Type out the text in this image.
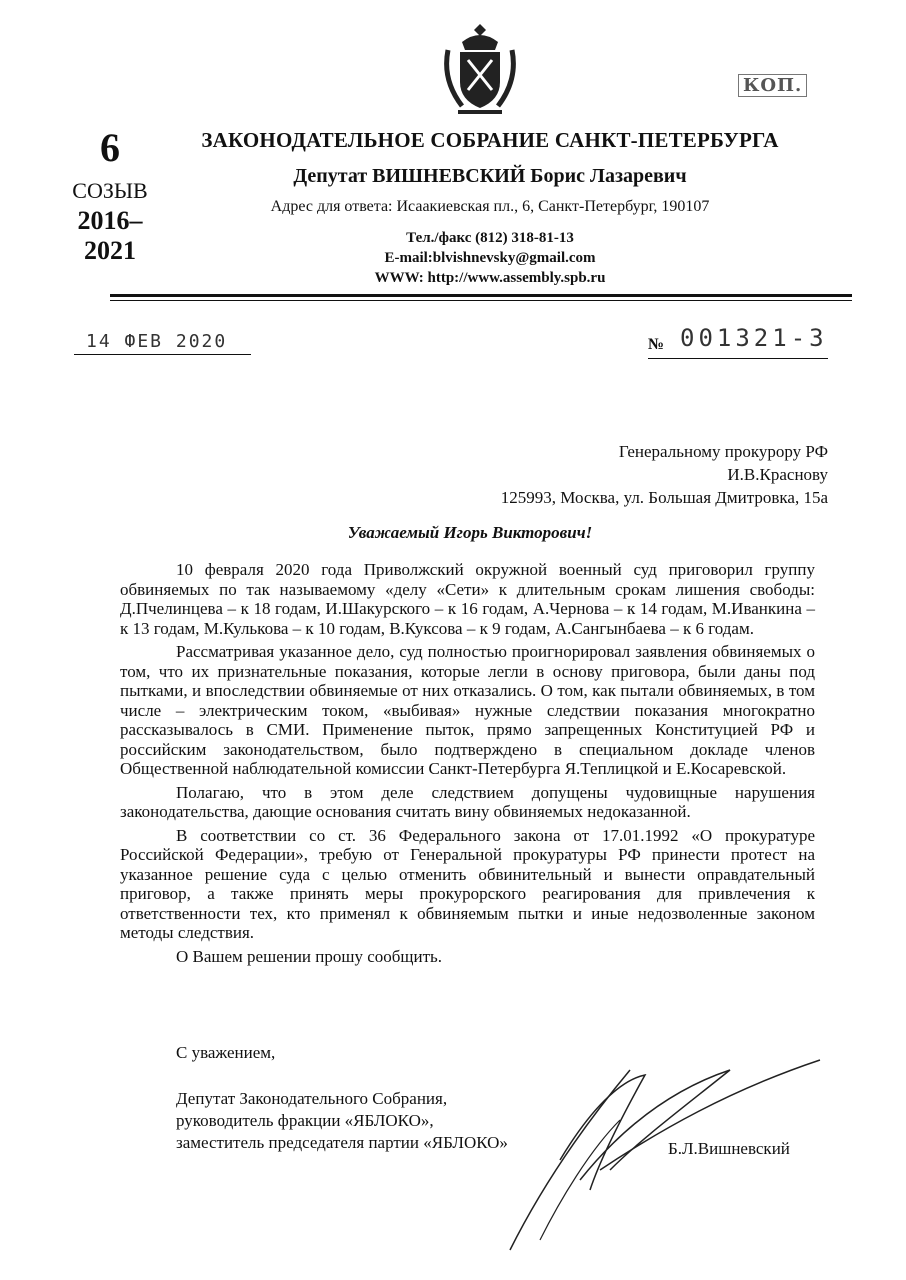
КОП.
6
СОЗЫВ
2016–
2021
ЗАКОНОДАТЕЛЬНОЕ СОБРАНИЕ САНКТ-ПЕТЕРБУРГА
Депутат ВИШНЕВСКИЙ Борис Лазаревич
Адрес для ответа: Исаакиевская пл., 6, Санкт-Петербург, 190107
Тел./факс (812) 318-81-13
E-mail:blvishnevsky@gmail.com
WWW: http://www.assembly.spb.ru
14 ФЕВ 2020	№ 001321-3
Генеральному прокурору РФ
И.В.Краснову
125993, Москва, ул. Большая Дмитровка, 15а
Уважаемый Игорь Викторович!

10 февраля 2020 года Приволжский окружной военный суд приговорил группу обвиняемых по так называемому «делу «Сети» к длительным срокам лишения свободы: Д.Пчелинцева – к 18 годам, И.Шакурского – к 16 годам, А.Чернова – к 14 годам, М.Иванкина – к 13 годам, М.Кулькова – к 10 годам, В.Куксова – к 9 годам, А.Сангынбаева – к 6 годам.

Рассматривая указанное дело, суд полностью проигнорировал заявления обвиняемых о том, что их признательные показания, которые легли в основу приговора, были даны под пытками, и впоследствии обвиняемые от них отказались. О том, как пытали обвиняемых, в том числе – электрическим током, «выбивая» нужные следствии показания многократно рассказывалось в СМИ. Применение пыток, прямо запрещенных Конституцией РФ и российским законодательством, было подтверждено в специальном докладе членов Общественной наблюдательной комиссии Санкт-Петербурга Я.Теплицкой и Е.Косаревской.

Полагаю, что в этом деле следствием допущены чудовищные нарушения законодательства, дающие основания считать вину обвиняемых недоказанной.

В соответствии со ст. 36 Федерального закона от 17.01.1992 «О прокуратуре Российской Федерации», требую от Генеральной прокуратуры РФ принести протест на указанное решение суда с целью отменить обвинительный и вынести оправдательный приговор, а также принять меры прокурорского реагирования для привлечения к ответственности тех, кто применял к обвиняемым пытки и иные недозволенные законом методы следствия.

О Вашем решении прошу сообщить.

С уважением,
Депутат Законодательного Собрания,
руководитель фракции «ЯБЛОКО»,
заместитель председателя партии «ЯБЛОКО»	Б.Л.Вишневский
